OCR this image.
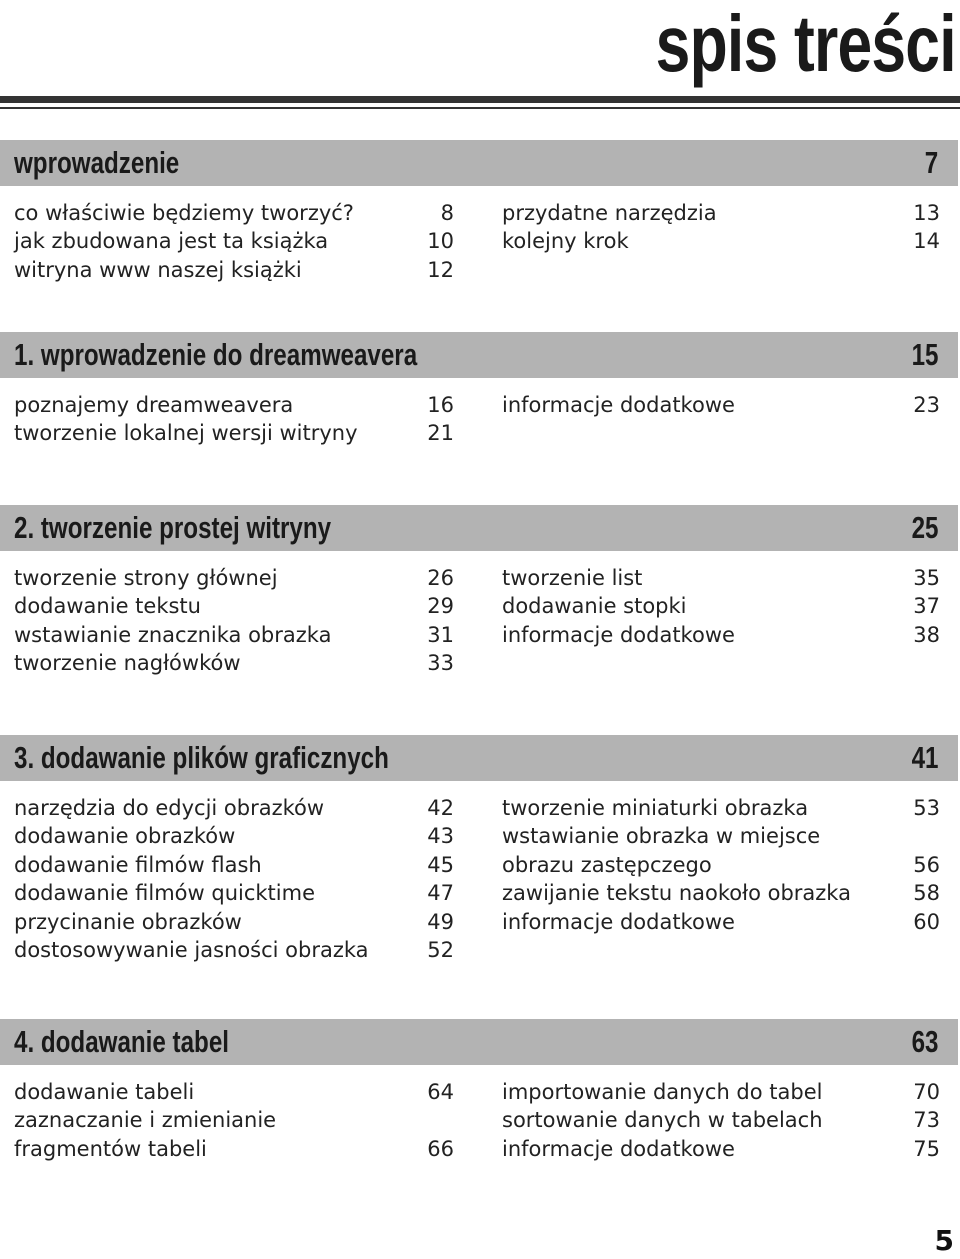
spis treści
wprowadzenie	7
co właściwie będziemy tworzyć?	8
jak zbudowana jest ta książka	10
witryna www naszej książki	12
przydatne narzędzia	13
kolejny krok	14
1. wprowadzenie do dreamweavera	15
poznajemy dreamweavera	16
tworzenie lokalnej wersji witryny	21
informacje dodatkowe	23
2. tworzenie prostej witryny	25
tworzenie strony głównej	26
dodawanie tekstu	29
wstawianie znacznika obrazka	31
tworzenie nagłówków	33
tworzenie list	35
dodawanie stopki	37
informacje dodatkowe	38
3. dodawanie plików graficznych	41
narzędzia do edycji obrazków	42
dodawanie obrazków	43
dodawanie filmów flash	45
dodawanie filmów quicktime	47
przycinanie obrazków	49
dostosowywanie jasności obrazka	52
tworzenie miniaturki obrazka	53
wstawianie obrazka w miejsce
obrazu zastępczego	56
zawijanie tekstu naokoło obrazka	58
informacje dodatkowe	60
4. dodawanie tabel	63
dodawanie tabeli	64
zaznaczanie i zmienianie
fragmentów tabeli	66
importowanie danych do tabel	70
sortowanie danych w tabelach	73
informacje dodatkowe	75
5
